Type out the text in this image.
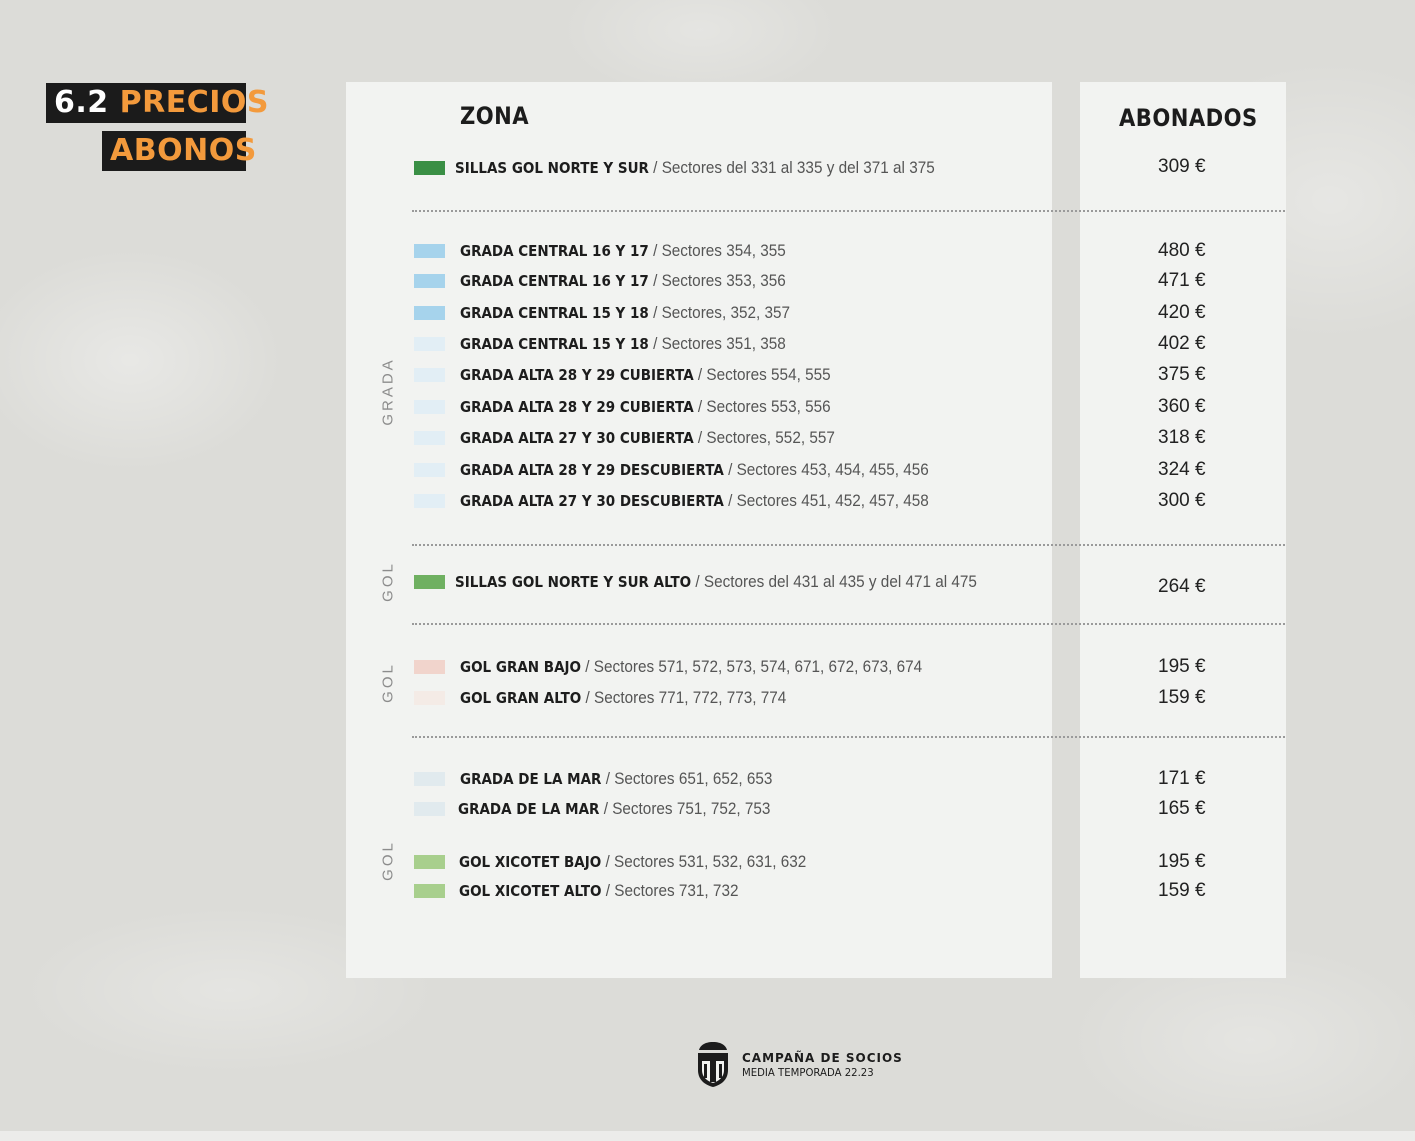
6.2 PRECIOS
ABONOS
ZONA	ABONADOS
GRADA
GOL
GOL
GOL
SILLAS GOL NORTE Y SUR / Sectores del 331 al 335 y del 371 al 375	309 €
GRADA CENTRAL 16 Y 17 / Sectores 354, 355	480 €
GRADA CENTRAL 16 Y 17 / Sectores 353, 356	471 €
GRADA CENTRAL 15 Y 18 / Sectores, 352, 357	420 €
GRADA CENTRAL 15 Y 18 / Sectores 351, 358	402 €
GRADA ALTA 28 Y 29 CUBIERTA / Sectores 554, 555	375 €
GRADA ALTA 28 Y 29 CUBIERTA / Sectores 553, 556	360 €
GRADA ALTA 27 Y 30 CUBIERTA / Sectores, 552, 557	318 €
GRADA ALTA 28 Y 29 DESCUBIERTA / Sectores 453, 454, 455, 456	324 €
GRADA ALTA 27 Y 30 DESCUBIERTA / Sectores 451, 452, 457, 458	300 €
SILLAS GOL NORTE Y SUR ALTO / Sectores del 431 al 435 y del 471 al 475	264 €
GOL GRAN BAJO / Sectores 571, 572, 573, 574, 671, 672, 673, 674	195 €
GOL GRAN ALTO / Sectores 771, 772, 773, 774	159 €
GRADA DE LA MAR / Sectores 651, 652, 653	171 €
GRADA DE LA MAR / Sectores 751, 752, 753	165 €
GOL XICOTET BAJO / Sectores 531, 532, 631, 632	195 €
GOL XICOTET ALTO / Sectores 731, 732	159 €
CAMPAÑA DE SOCIOS
MEDIA TEMPORADA 22.23
